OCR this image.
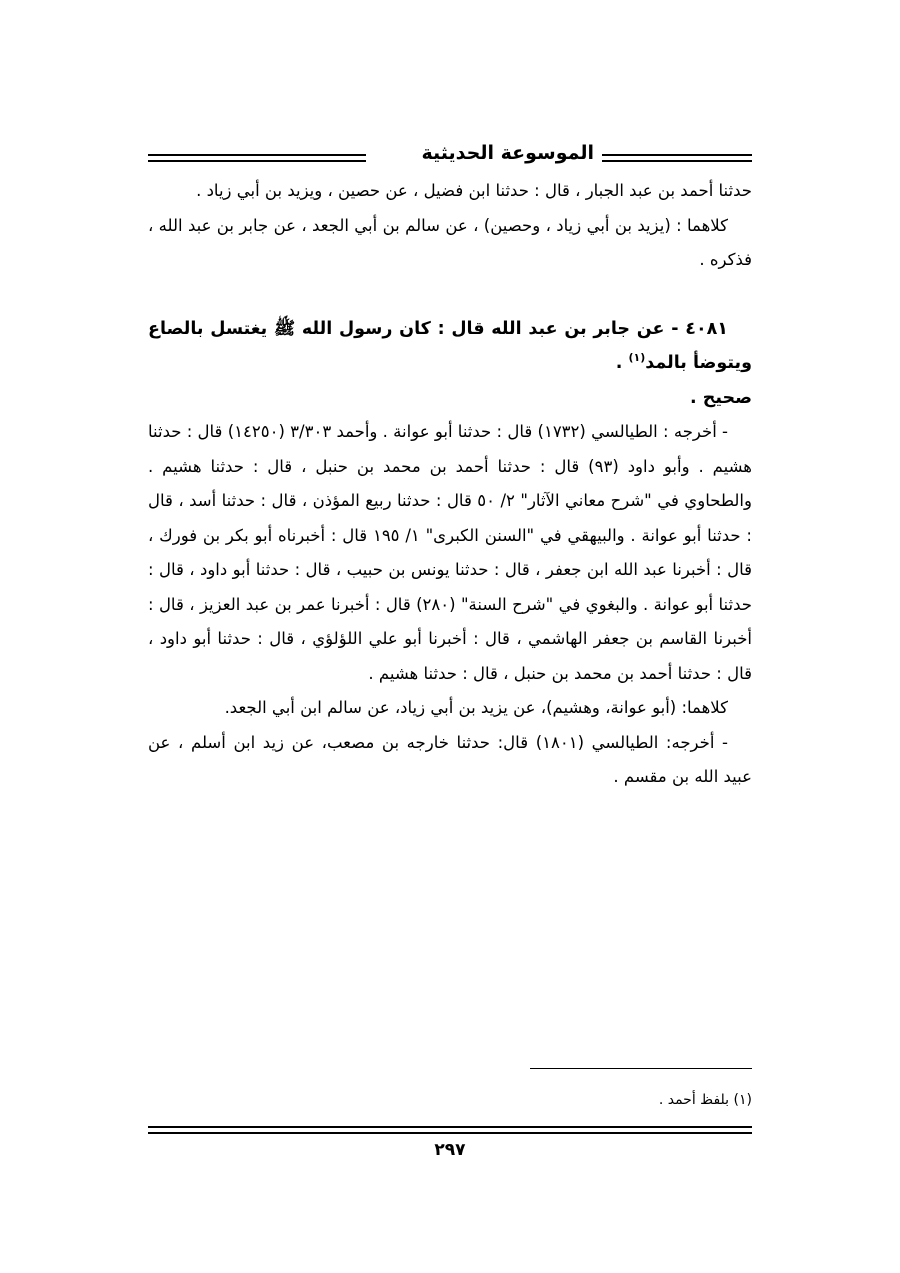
الموسوعة الحديثية

حدثنا أحمد بن عبد الجبار ، قال : حدثنا ابن فضيل ، عن حصين ، ويزيد بن أبي زياد .

كلاهما : (يزيد بن أبي زياد ، وحصين) ، عن سالم بن أبي الجعد ، عن جابر بن عبد الله ، فذكره .

٤٠٨١ - عن جابر بن عبد الله قال : كان رسول الله ﷺ يغتسل بالصاع ويتوضأ بالمد$^{(١)}$ .

صحيح .

- أخرجه : الطيالسي (١٧٣٢) قال : حدثنا أبو عوانة . وأحمد ٣/٣٠٣ (١٤٢٥٠) قال : حدثنا هشيم . وأبو داود (٩٣) قال : حدثنا أحمد بن محمد بن حنبل ، قال : حدثنا هشيم . والطحاوي في "شرح معاني الآثار" ٢/ ٥٠ قال : حدثنا ربيع المؤذن ، قال : حدثنا أسد ، قال : حدثنا أبو عوانة . والبيهقي في "السنن الكبرى" ١/ ١٩٥ قال : أخبرناه أبو بكر بن فورك ، قال : أخبرنا عبد الله ابن جعفر ، قال : حدثنا يونس بن حبيب ، قال : حدثنا أبو داود ، قال : حدثنا أبو عوانة . والبغوي في "شرح السنة" (٢٨٠) قال : أخبرنا عمر بن عبد العزيز ، قال : أخبرنا القاسم بن جعفر الهاشمي ، قال : أخبرنا أبو علي اللؤلؤي ، قال : حدثنا أبو داود ، قال : حدثنا أحمد بن محمد بن حنبل ، قال : حدثنا هشيم .

كلاهما: (أبو عوانة، وهشيم)، عن يزيد بن أبي زياد، عن سالم ابن أبي الجعد.

- أخرجه: الطيالسي (١٨٠١) قال: حدثنا خارجه بن مصعب، عن زيد ابن أسلم ، عن عبيد الله بن مقسم .

(١) بلفظ أحمد .
٢٩٧
